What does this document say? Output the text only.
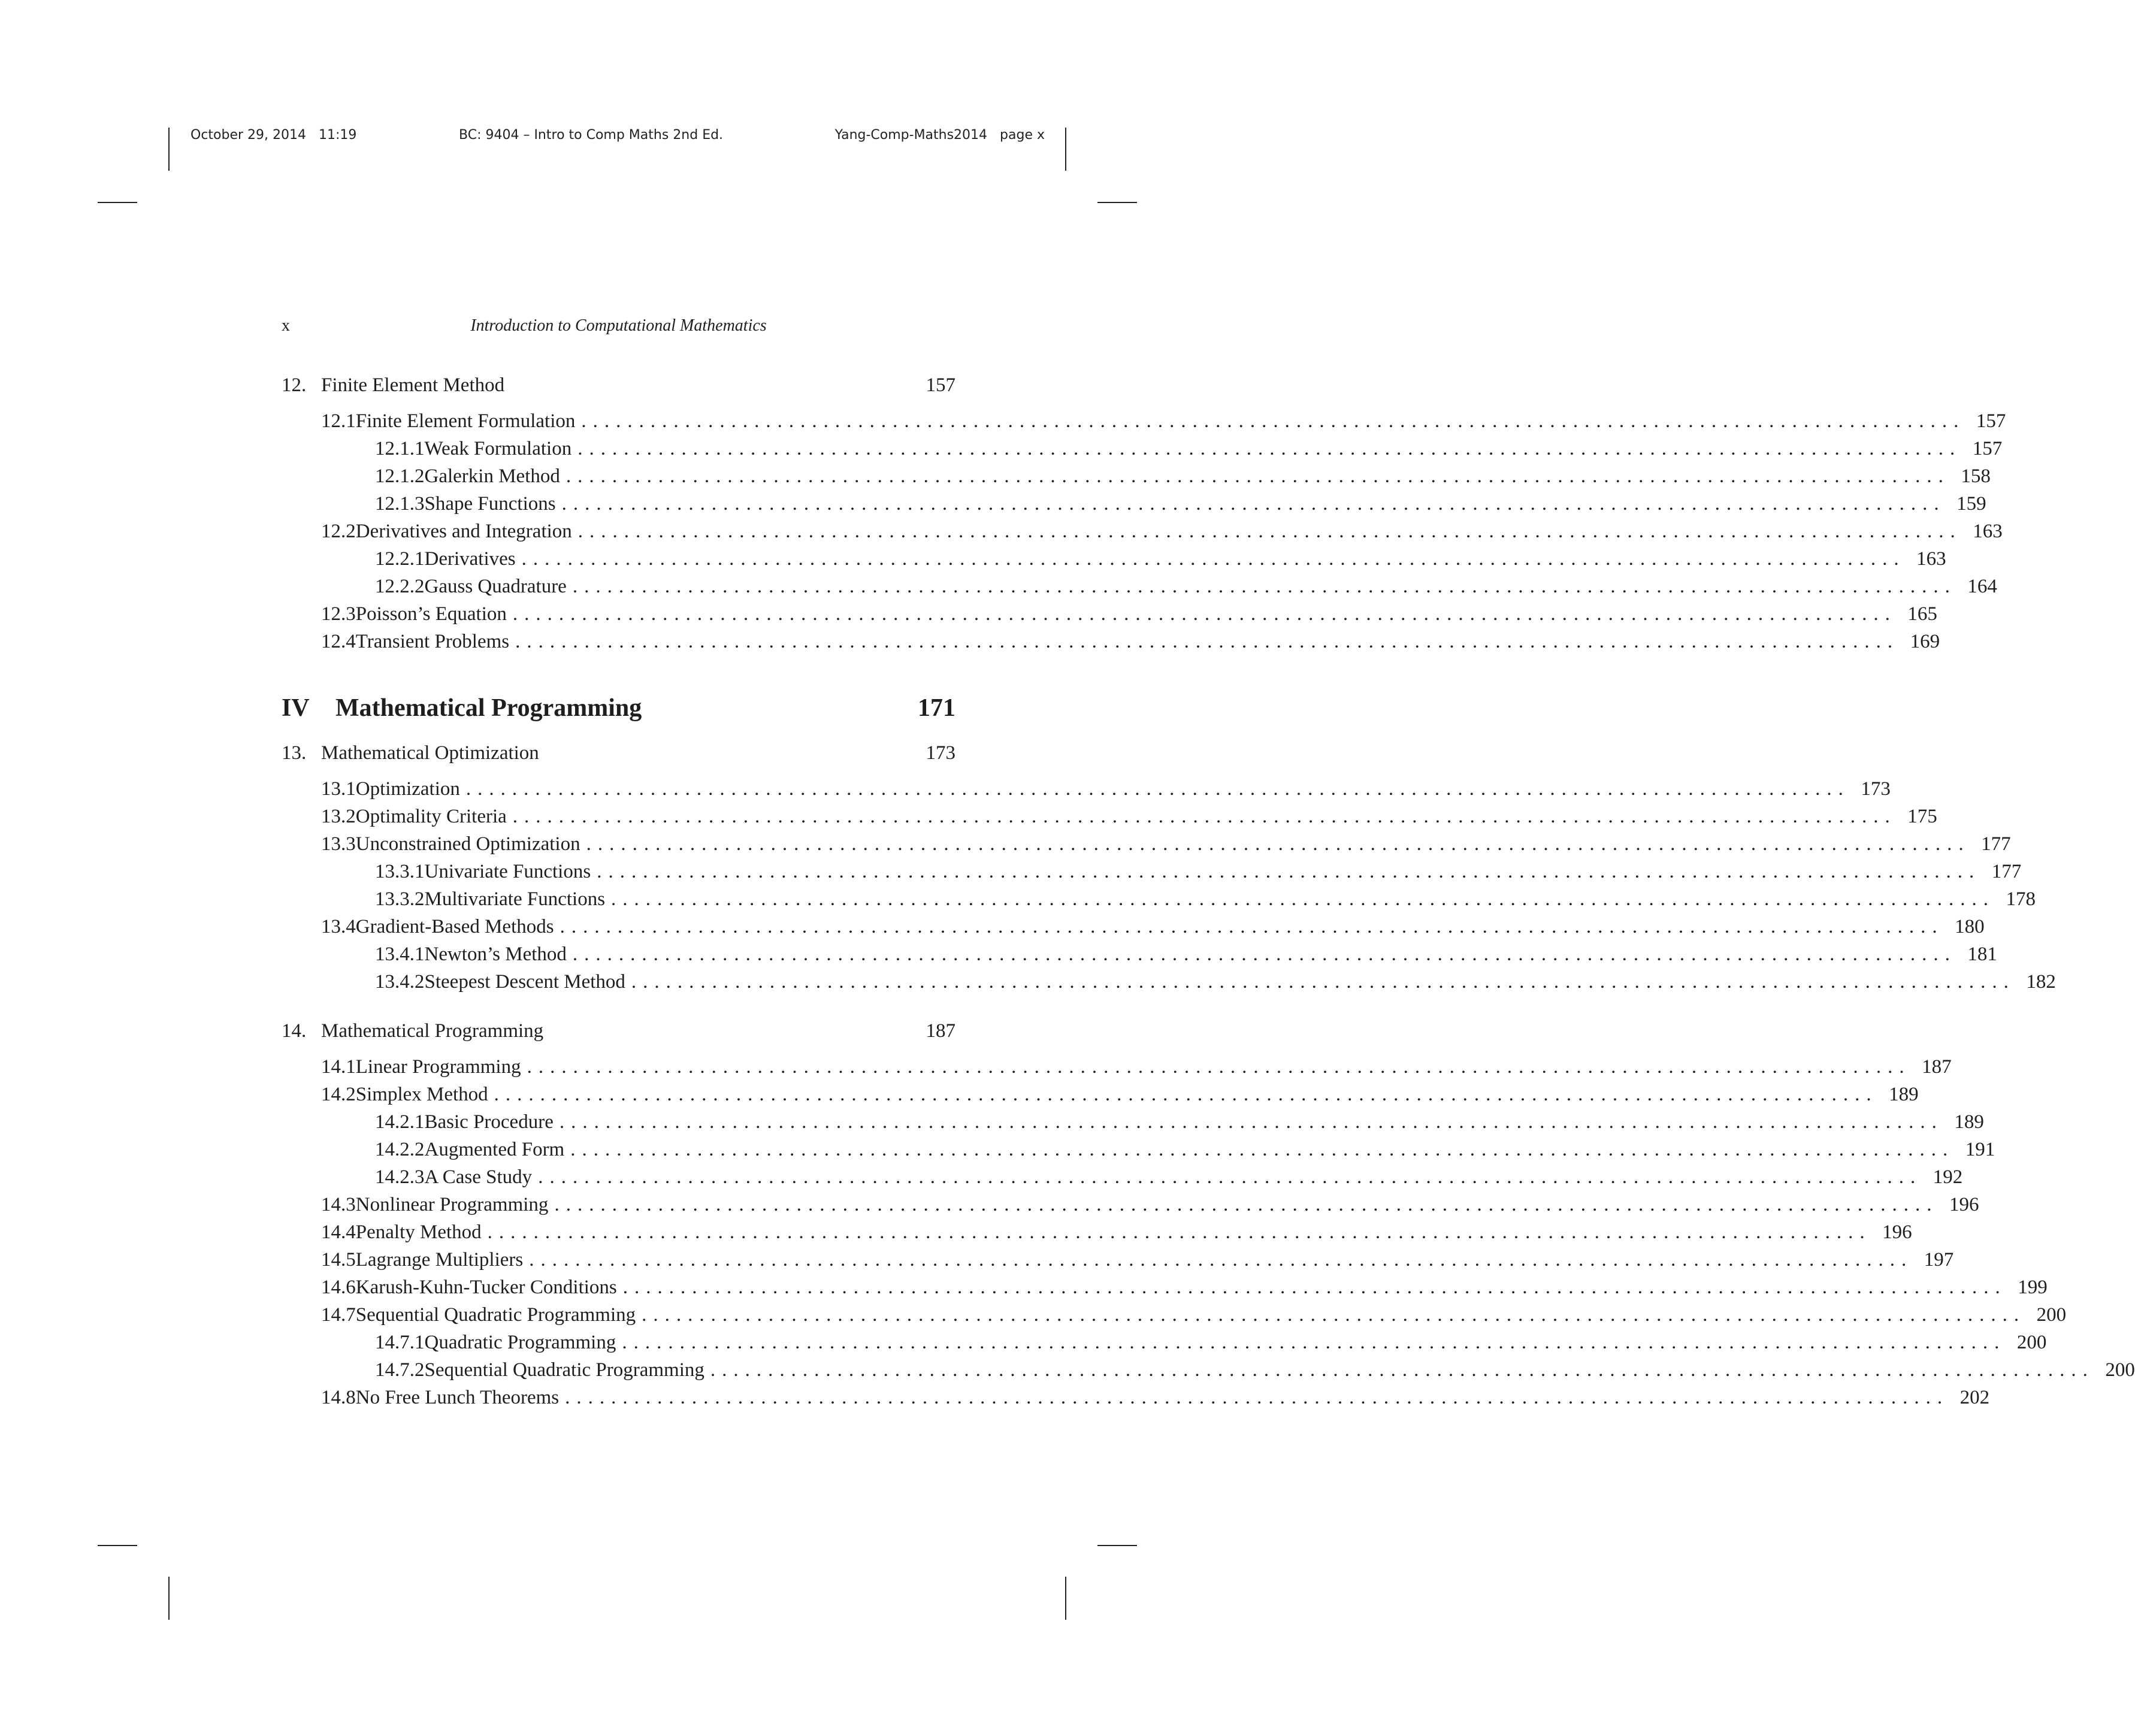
October 29, 2014   11:19	BC: 9404 – Intro to Comp Maths 2nd Ed.	Yang-Comp-Maths2014   page x
x	Introduction to Computational Mathematics
12. Finite Element Method	157
12.1 Finite Element Formulation ........................................................................................................................ 157
12.1.1 Weak Formulation ........................................................................................................................ 157
12.1.2 Galerkin Method ........................................................................................................................ 158
12.1.3 Shape Functions ........................................................................................................................ 159
12.2 Derivatives and Integration ........................................................................................................................ 163
12.2.1 Derivatives ........................................................................................................................ 163
12.2.2 Gauss Quadrature ........................................................................................................................ 164
12.3 Poisson’s Equation ........................................................................................................................ 165
12.4 Transient Problems ........................................................................................................................ 169
IV	Mathematical Programming	171
13. Mathematical Optimization	173
13.1 Optimization ........................................................................................................................ 173
13.2 Optimality Criteria ........................................................................................................................ 175
13.3 Unconstrained Optimization ........................................................................................................................ 177
13.3.1 Univariate Functions ........................................................................................................................ 177
13.3.2 Multivariate Functions ........................................................................................................................ 178
13.4 Gradient-Based Methods ........................................................................................................................ 180
13.4.1 Newton’s Method ........................................................................................................................ 181
13.4.2 Steepest Descent Method ........................................................................................................................ 182
14. Mathematical Programming	187
14.1 Linear Programming ........................................................................................................................ 187
14.2 Simplex Method ........................................................................................................................ 189
14.2.1 Basic Procedure ........................................................................................................................ 189
14.2.2 Augmented Form ........................................................................................................................ 191
14.2.3 A Case Study ........................................................................................................................ 192
14.3 Nonlinear Programming ........................................................................................................................ 196
14.4 Penalty Method ........................................................................................................................ 196
14.5 Lagrange Multipliers ........................................................................................................................ 197
14.6 Karush-Kuhn-Tucker Conditions ........................................................................................................................ 199
14.7 Sequential Quadratic Programming ........................................................................................................................ 200
14.7.1 Quadratic Programming ........................................................................................................................ 200
14.7.2 Sequential Quadratic Programming ........................................................................................................................ 200
14.8 No Free Lunch Theorems ........................................................................................................................ 202
